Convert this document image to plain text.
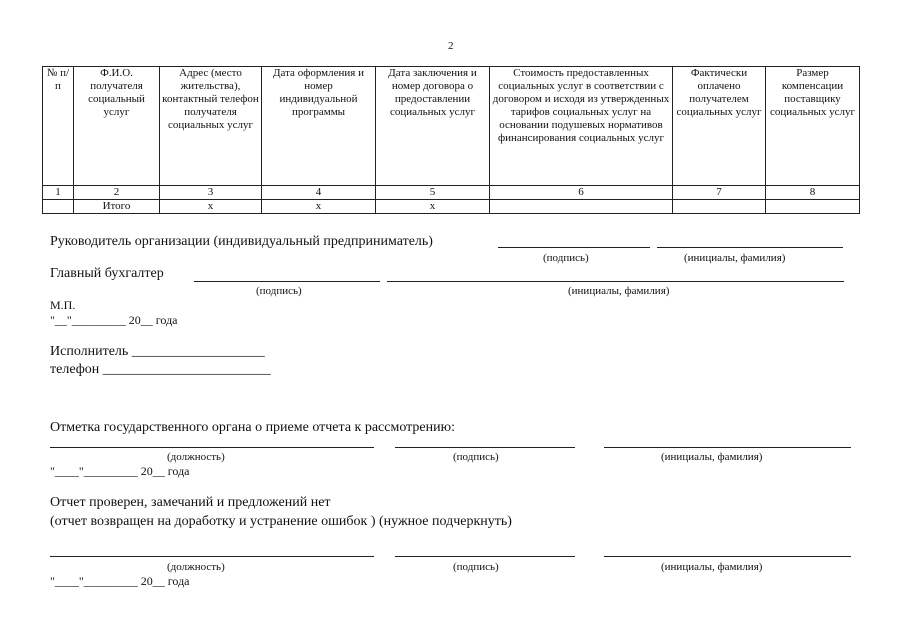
2
№ п/п	Ф.И.О. получателя социальный услуг	Адрес (место жительства), контактный телефон получателя социальных услуг	Дата оформления и номер индивидуальной программы	Дата заключения и номер договора о предоставлении социальных услуг	Стоимость предоставленных социальных услуг в соответствии с договором и исходя из утвержденных тарифов социальных услуг на основании подушевых нормативов финансирования социальных услуг	Фактически оплачено получателем социальных услуг	Размер компенсации поставщику социальных услуг
1	2	3	4	5	6	7	8
	Итого	x	x	x			
Руководитель организации (индивидуальный предприниматель)
(подпись)	(инициалы, фамилия)
Главный бухгалтер
(подпись)	(инициалы, фамилия)
М.П.
"__"_________ 20__ года
Исполнитель ___________________
телефон ________________________
Отметка государственного органа о приеме отчета к рассмотрению:
(должность)	(подпись)	(инициалы, фамилия)
"____"_________ 20__ года
Отчет проверен, замечаний и предложений нет
(отчет возвращен на доработку и устранение ошибок ) (нужное подчеркнуть)
(должность)	(подпись)	(инициалы, фамилия)
"____"_________ 20__ года
